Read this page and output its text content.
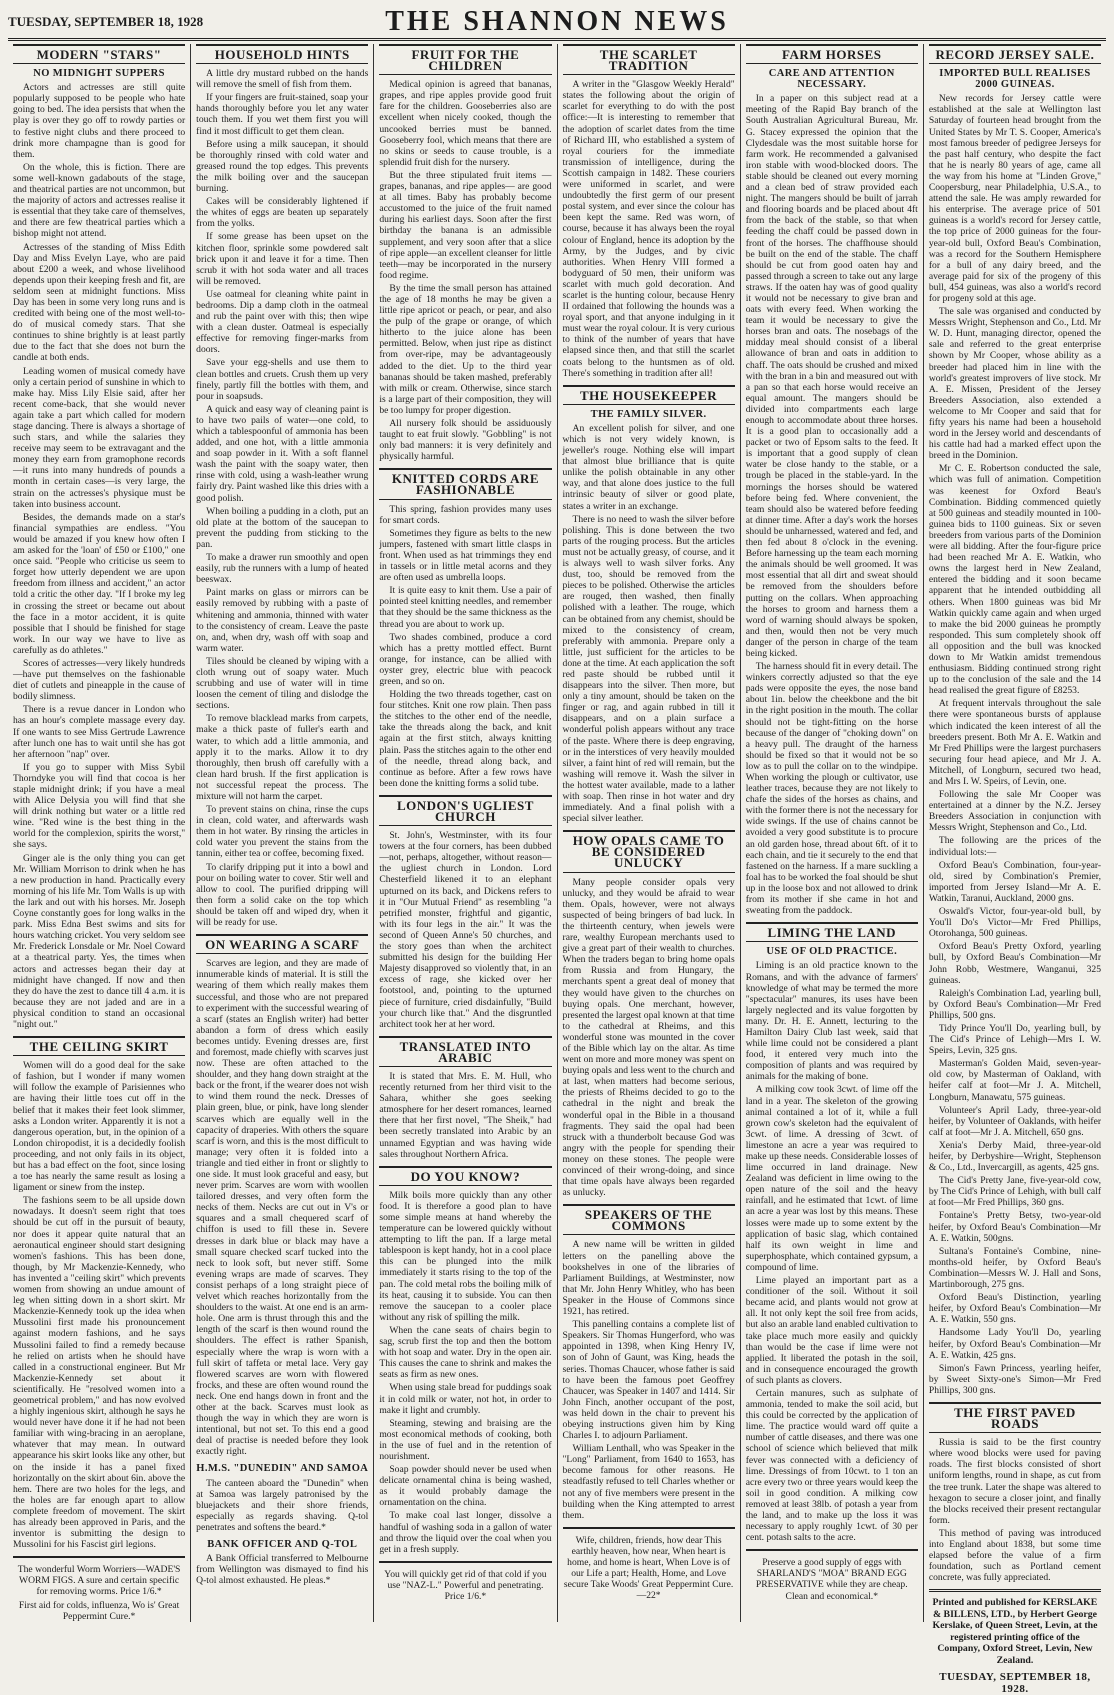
TUESDAY, SEPTEMBER 18, 1928	THE SHANNON NEWS
MODERN "STARS"
NO MIDNIGHT SUPPERS

Actors and actresses are still quite popularly supposed to be people who hate going to bed. The idea persists that when the play is over they go off to rowdy parties or to festive night clubs and there proceed to drink more champagne than is good for them.

On the whole, this is fiction. There are some well-known gadabouts of the stage, and theatrical parties are not uncommon, but the majority of actors and actresses realise it is essential that they take care of themselves, and there are few theatrical parties which a bishop might not attend.

Actresses of the standing of Miss Edith Day and Miss Evelyn Laye, who are paid about £200 a week, and whose livelihood depends upon their keeping fresh and fit, are seldom seen at midnight functions. Miss Day has been in some very long runs and is credited with being one of the most well-to-do of musical comedy stars. That she continues to shine brightly is at least partly due to the fact that she does not burn the candle at both ends.

Leading women of musical comedy have only a certain period of sunshine in which to make hay. Miss Lily Elsie said, after her recent come-back, that she would never again take a part which called for modern stage dancing. There is always a shortage of such stars, and while the salaries they receive may seem to be extravagant and the money they earn from gramophone records—it runs into many hundreds of pounds a month in certain cases—is very large, the strain on the actresses's physique must be taken into business account.

Besides, the demands made on a star's financial sympathies are endless. "You would be amazed if you knew how often I am asked for the 'loan' of £50 or £100," one once said. "People who criticise us seem to forget how utterly dependent we are upon freedom from illness and accident," an actor told a critic the other day. "If I broke my leg in crossing the street or became out about the face in a motor accident, it is quite possible that I should be finished for stage work. In our way we have to live as carefully as do athletes."

Scores of actresses—very likely hundreds—have put themselves on the fashionable diet of cutlets and pineapple in the cause of bodily slimness.

There is a revue dancer in London who has an hour's complete massage every day. If one wants to see Miss Gertrude Lawrence after lunch one has to wait until she has got her afternoon "nap" over.

If you go to supper with Miss Sybil Thorndyke you will find that cocoa is her staple midnight drink; if you have a meal with Alice Delysia you will find that she will drink nothing but water or a little red wine. "Red wine is the best thing in the world for the complexion, spirits the worst," she says.

Ginger ale is the only thing you can get Mr. William Morrison to drink when he has a new production in hand. Practically every morning of his life Mr. Tom Walls is up with the lark and out with his horses. Mr. Joseph Coyne constantly goes for long walks in the park. Miss Edna Best swims and sits for hours watching cricket. You very seldom see Mr. Frederick Lonsdale or Mr. Noel Coward at a theatrical party. Yes, the times when actors and actresses began their day at midnight have changed. If now and then they do have the zest to dance till 4 a.m. it is because they are not jaded and are in a physical condition to stand an occasional "night out."

THE CEILING SKIRT

Women will do a good deal for the sake of fashion, but I wonder if many women will follow the example of Parisiennes who are having their little toes cut off in the belief that it makes their feet look slimmer, asks a London writer. Apparently it is not a dangerous operation, but, in the opinion of a London chiropodist, it is a decidedly foolish proceeding, and not only fails in its object, but has a bad effect on the foot, since losing a toe has nearly the same result as losing a ligament or sinew from the instep.

The fashions seem to be all upside down nowadays. It doesn't seem right that toes should be cut off in the pursuit of beauty, nor does it appear quite natural that an aeronautical engineer should start designing women's fashions. This has been done, though, by Mr Mackenzie-Kennedy, who has invented a "ceiling skirt" which prevents women from showing an undue amount of leg when sitting down in a short skirt. Mr Mackenzie-Kennedy took up the idea when Mussolini first made his pronouncement against modern fashions, and he says Mussolini failed to find a remedy because he relied on artists when he should have called in a constructional engineer. But Mr Mackenzie-Kennedy set about it scientifically. He "resolved women into a geometrical problem," and has now evolved a highly ingenious skirt, although he says he would never have done it if he had not been familiar with wing-bracing in an aeroplane, whatever that may mean. In outward appearance his skirt looks like any other, but on the inside it has a panel fixed horizontally on the skirt about 6in. above the hem. There are two holes for the legs, and the holes are far enough apart to allow complete freedom of movement. The skirt has already been approved in Paris, and the inventor is submitting the design to Mussolini for his Fascist girl legions.

The wonderful Worm Worriers—WADE'S WORM FIGS. A sure and certain specific for removing worms. Price 1/6.*
First aid for colds, influenza, Wo is' Great Peppermint Cure.*
HOUSEHOLD HINTS

A little dry mustard rubbed on the hands will remove the smell of fish from them.

If your fingers are fruit-stained, soap your hands thoroughly before you let any water touch them. If you wet them first you will find it most difficult to get them clean.

Before using a milk saucepan, it should be thoroughly rinsed with cold water and greased round the top edges. This prevents the milk boiling over and the saucepan burning.

Cakes will be considerably lightened if the whites of eggs are beaten up separately from the yolks.

If some grease has been upset on the kitchen floor, sprinkle some powdered salt brick upon it and leave it for a time. Then scrub it with hot soda water and all traces will be removed.

Use oatmeal for cleaning white paint in bedrooms. Dip a damp cloth in the oatmeal and rub the paint over with this; then wipe with a clean duster. Oatmeal is especially effective for removing finger-marks from doors.

Save your egg-shells and use them to clean bottles and cruets. Crush them up very finely, partly fill the bottles with them, and pour in soapsuds.

A quick and easy way of cleaning paint is to have two pails of water—one cold, to which a tablespoonful of ammonia has been added, and one hot, with a little ammonia and soap powder in it. With a soft flannel wash the paint with the soapy water, then rinse with cold, using a wash-leather wrung fairly dry. Paint washed like this dries with a good polish.

When boiling a pudding in a cloth, put an old plate at the bottom of the saucepan to prevent the pudding from sticking to the pan.

To make a drawer run smoothly and open easily, rub the runners with a lump of heated beeswax.

Paint marks on glass or mirrors can be easily removed by rubbing with a paste of whitening and ammonia, thinned with water to the consistency of cream. Leave the paste on, and, when dry, wash off with soap and warm water.

Tiles should be cleaned by wiping with a cloth wrung out of soapy water. Much scrubbing and use of water will in time loosen the cement of tiling and dislodge the sections.

To remove blacklead marks from carpets, make a thick paste of fuller's earth and water, to which add a little ammonia, and apply it to the marks. Allow it to dry thoroughly, then brush off carefully with a clean hard brush. If the first application is not successful repeat the process. The mixture will not harm the carpet.

To prevent stains on china, rinse the cups in clean, cold water, and afterwards wash them in hot water. By rinsing the articles in cold water you prevent the stains from the tannin, either tea or coffee, becoming fixed.

To clarify dripping put it into a bowl and pour on boiling water to cover. Stir well and allow to cool. The purified dripping will then form a solid cake on the top which should be taken off and wiped dry, when it will be ready for use.

ON WEARING A SCARF

Scarves are legion, and they are made of innumerable kinds of material. It is still the wearing of them which really makes them successful, and those who are not prepared to experiment with the successful wearing of a scarf (states an English writer) had better abandon a form of dress which easily becomes untidy. Evening dresses are, first and foremost, made chiefly with scarves just now. These are often attached to the shoulder, and they hang down straight at the back or the front, if the wearer does not wish to wind them round the neck. Dresses of plain green, blue, or pink, have long slender scarves which are equally well in the capacity of draperies. With others the square scarf is worn, and this is the most difficult to manage; very often it is folded into a triangle and tied either in front or slightly to one side. It must look graceful and easy, but never prim. Scarves are worn with woollen tailored dresses, and very often form the necks of them. Necks are cut out in V's or squares and a small chequered scarf of chiffon is used to fill these in. Severe dresses in dark blue or black may have a small square checked scarf tucked into the neck to look soft, but never stiff. Some evening wraps are made of scarves. They consist perhaps of a long straight piece of velvet which reaches horizontally from the shoulders to the waist. At one end is an arm-hole. One arm is thrust through this and the length of the scarf is then wound round the shoulders. The effect is rather Spanish, especially where the wrap is worn with a full skirt of taffeta or metal lace. Very gay flowered scarves are worn with flowered frocks, and these are often wound round the neck. One end hangs down in front and the other at the back. Scarves must look as though the way in which they are worn is intentional, but not set. To this end a good deal of practise is needed before they look exactly right.

H.M.S. "DUNEDIN" AND SAMOA

The canteen aboard the "Dunedin" when at Samoa was largely patronised by the bluejackets and their shore friends, especially as regards shaving. Q-tol penetrates and softens the beard.*

BANK OFFICER AND Q-TOL

A Bank Official transferred to Melbourne from Wellington was dismayed to find his Q-tol almost exhausted. He pleas.*

FRUIT FOR THE CHILDREN

Medical opinion is agreed that bananas, grapes, and ripe apples provide good fruit fare for the children. Gooseberries also are excellent when nicely cooked, though the uncooked berries must be banned. Gooseberry fool, which means that there are no skins or seeds to cause trouble, is a splendid fruit dish for the nursery.

But the three stipulated fruit items —grapes, bananas, and ripe apples— are good at all times. Baby has probably become accustomed to the juice of the fruit named during his earliest days. Soon after the first birthday the banana is an admissible supplement, and very soon after that a slice of ripe apple—an excellent cleanser for little teeth—may be incorporated in the nursery food regime.

By the time the small person has attained the age of 18 months he may be given a little ripe apricot or peach, or pear, and also the pulp of the grape or orange, of which hitherto to the juice alone has been permitted. Below, when just ripe as distinct from over-ripe, may be advantageously added to the diet. Up to the third year bananas should be taken mashed, preferably with milk or cream. Otherwise, since starch is a large part of their composition, they will be too lumpy for proper digestion.

All nursery folk should be assiduously taught to eat fruit slowly. "Gobbling" is not only bad manners: it is very definitely and physically harmful.

KNITTED CORDS ARE FASHIONABLE

This spring, fashion provides many uses for smart cords.

Sometimes they figure as belts to the new jumpers, fastened with smart little clasps in front. When used as hat trimmings they end in tassels or in little metal acorns and they are often used as umbrella loops.

It is quite easy to knit them. Use a pair of pointed steel knitting needles, and remember that they should be the same thickness as the thread you are about to work up.

Two shades combined, produce a cord which has a pretty mottled effect. Burnt orange, for instance, can be allied with oyster grey, electric blue with peacock green, and so on.

Holding the two threads together, cast on four stitches. Knit one row plain. Then pass the stitches to the other end of the needle, take the threads along the back, and knit again at the first stitch, always knitting plain. Pass the stitches again to the other end of the needle, thread along back, and continue as before. After a few rows have been done the knitting forms a solid tube.

LONDON'S UGLIEST CHURCH

St. John's, Westminster, with its four towers at the four corners, has been dubbed—not, perhaps, altogether, without reason—the ugliest church in London. Lord Chesterfield likened it to an elephant upturned on its back, and Dickens refers to it in "Our Mutual Friend" as resembling "a petrified monster, frightful and gigantic, with its four legs in the air." It was the second of Queen Anne's 50 churches, and the story goes than when the architect submitted his design for the building Her Majesty disapproved so violently that, in an excess of rage, she kicked over her footstool, and, pointing to the upturned piece of furniture, cried disdainfully, "Build your church like that." And the disgruntled architect took her at her word.

TRANSLATED INTO ARABIC

It is stated that Mrs. E. M. Hull, who recently returned from her third visit to the Sahara, whither she goes seeking atmosphere for her desert romances, learned there that her first novel, "The Sheik," had been secretly translated into Arabic by an unnamed Egyptian and was having wide sales throughout Northern Africa.

DO YOU KNOW?

Milk boils more quickly than any other food. It is therefore a good plan to have some simple means at hand whereby the temperature can be lowered quickly without attempting to lift the pan. If a large metal tablespoon is kept handy, hot in a cool place this can be plunged into the milk immediately it starts rising to the top of the pan. The cold metal robs the boiling milk of its heat, causing it to subside. You can then remove the saucepan to a cooler place without any risk of spilling the milk.

When the cane seats of chairs begin to sag, scrub first the top and then the bottom with hot soap and water. Dry in the open air. This causes the cane to shrink and makes the seats as firm as new ones.

When using stale bread for puddings soak it in cold milk or water, not hot, in order to make it light and crumbly.

Steaming, stewing and braising are the most economical methods of cooking, both in the use of fuel and in the retention of nourishment.

Soap powder should never be used when delicate ornamental china is being washed, as it would probably damage the ornamentation on the china.

To make coal last longer, dissolve a handful of washing soda in a gallon of water and throw the liquid over the coal when you get in a fresh supply.

You will quickly get rid of that cold if you use "NAZ-L." Powerful and penetrating. Price 1/6.*
THE SCARLET TRADITION

A writer in the "Glasgow Weekly Herald" states the following about the origin of scarlet for everything to do with the post office:—It is interesting to remember that the adoption of scarlet dates from the time of Richard III, who established a system of royal couriers for the immediate transmission of intelligence, during the Scottish campaign in 1482. These couriers were uniformed in scarlet, and were undoubtedly the first germ of our present postal system, and ever since the colour has been kept the same. Red was worn, of course, because it has always been the royal colour of England, hence its adoption by the Army, by the Judges, and by civic authorities. When Henry VIII formed a bodyguard of 50 men, their uniform was scarlet with much gold decoration. And scarlet is the hunting colour, because Henry II ordained that following the hounds was a royal sport, and that anyone indulging in it must wear the royal colour. It is very curious to think of the number of years that have elapsed since then, and that still the scarlet coats belong to the huntsmen as of old. There's something in tradition after all!

THE HOUSEKEEPER
THE FAMILY SILVER.

An excellent polish for silver, and one which is not very widely known, is jeweller's rouge. Nothing else will impart that almost blue brilliance that is quite unlike the polish obtainable in any other way, and that alone does justice to the full intrinsic beauty of silver or good plate, states a writer in an exchange.

There is no need to wash the silver before polishing. This is done between the two parts of the rouging process. But the articles must not be actually greasy, of course, and it is always well to wash silver forks. Any dust, too, should be removed from the pieces to be polished. Otherwise the articles are rouged, then washed, then finally polished with a leather. The rouge, which can be obtained from any chemist, should be mixed to the consistency of cream, preferably with ammonia. Prepare only a little, just sufficient for the articles to be done at the time. At each application the soft red paste should be rubbed until it disappears into the silver. Then more, but only a tiny amount, should be taken on the finger or rag, and again rubbed in till it disappears, and on a plain surface a wonderful polish appears without any trace of the paste. Where there is deep engraving, or in the interstices of very heavily moulded silver, a faint hint of red will remain, but the washing will remove it. Wash the silver in the hottest water available, made to a lather with soap. Then rinse in hot water and dry immediately. And a final polish with a special silver leather.

HOW OPALS CAME TO BE CONSIDERED UNLUCKY

Many people consider opals very unlucky, and they would be afraid to wear them. Opals, however, were not always suspected of being bringers of bad luck. In the thirteenth century, when jewels were rare, wealthy European merchants used to give a great part of their wealth to churches. When the traders began to bring home opals from Russia and from Hungary, the merchants spent a great deal of money that they would have given to the churches on buying opals. One merchant, however, presented the largest opal known at that time to the cathedral at Rheims, and this wonderful stone was mounted in the cover of the Bible which lay on the altar. As time went on more and more money was spent on buying opals and less went to the church and at last, when matters had become serious, the priests of Rheims decided to go to the cathedral in the night and break the wonderful opal in the Bible in a thousand fragments. They said the opal had been struck with a thunderbolt because God was angry with the people for spending their money on these stones. The people were convinced of their wrong-doing, and since that time opals have always been regarded as unlucky.

SPEAKERS OF THE COMMONS

A new name will be written in gilded letters on the panelling above the bookshelves in one of the libraries of Parliament Buildings, at Westminster, now that Mr. John Henry Whitley, who has been Speaker in the House of Commons since 1921, has retired.

This panelling contains a complete list of Speakers. Sir Thomas Hungerford, who was appointed in 1398, when King Henry IV, son of John of Gaunt, was King, heads the series. Thomas Chaucer, whose father is said to have been the famous poet Geoffrey Chaucer, was Speaker in 1407 and 1414. Sir John Finch, another occupant of the post, was held down in the chair to prevent his obeying instructions given him by King Charles I. to adjourn Parliament.

William Lenthall, who was Speaker in the "Long" Parliament, from 1640 to 1653, has become famous for other reasons. He steadfastly refused to tell Charles whether or not any of five members were present in the building when the King attempted to arrest them.

Wife, children, friends, how dear This earthly heaven, how near, When heart is home, and home is heart, When Love is of our Life a part; Health, Home, and Love secure Take Woods' Great Peppermint Cure.—22*
FARM HORSES
CARE AND ATTENTION NECESSARY.

In a paper on this subject read at a meeting of the Rapid Bay branch of the South Australian Agricultural Bureau, Mr. G. Stacey expressed the opinion that the Clydesdale was the most suitable horse for farm work. He recommended a galvanised iron stable with wood-blocked doors. The stable should be cleaned out every morning and a clean bed of straw provided each night. The mangers should be built of jarrah and flooring boards and be placed about 4ft from the back of the stable, so that when feeding the chaff could be passed down in front of the horses. The chaffhouse should be built on the end of the stable. The chaff should be cut from good oaten hay and passed through a screen to take out any large straws. If the oaten hay was of good quality it would not be necessary to give bran and oats with every feed. When working the team it would be necessary to give the horses bran and oats. The nosebags of the midday meal should consist of a liberal allowance of bran and oats in addition to chaff. The oats should be crushed and mixed with the bran in a bin and measured out with a pan so that each horse would receive an equal amount. The mangers should be divided into compartments each large enough to accommodate about three horses. It is a good plan to occasionally add a packet or two of Epsom salts to the feed. It is important that a good supply of clean water be close handy to the stable, or a trough be placed in the stable-yard. In the mornings the horses should be watered before being fed. Where convenient, the team should also be watered before feeding at dinner time. After a day's work the horses should be unharnessed, watered and fed, and then fed about 8 o'clock in the evening. Before harnessing up the team each morning the animals should be well groomed. It was most essential that all dirt and sweat should be removed from the shoulders before putting on the collars. When approaching the horses to groom and harness them a word of warning should always be spoken, and then, would then not be very much danger of the person in charge of the team being kicked.

The harness should fit in every detail. The winkers correctly adjusted so that the eye pads were opposite the eyes, the nose band about 1in. below the cheekbone and the bit in the right position in the mouth. The collar should not be tight-fitting on the horse because of the danger of "choking down" on a heavy pull. The draught of the harness should be fixed so that it would not be so low as to pull the collar on to the windpipe. When working the plough or cultivator, use leather traces, because they are not likely to chafe the sides of the horses as chains, and with the former there is not the necessary for wide swings. If the use of chains cannot be avoided a very good substitute is to procure an old garden hose, thread about 6ft. of it to each chain, and tie it securely to the end that fastened on the harness. If a mare suckling a foal has to be worked the foal should be shut up in the loose box and not allowed to drink from its mother if she came in hot and sweating from the paddock.

LIMING THE LAND
USE OF OLD PRACTICE.

Liming is an old practice known to the Romans, and with the advance of farmers' knowledge of what may be termed the more "spectacular" manures, its uses have been largely neglected and its value forgotten by many. Dr. H. E. Annett, lecturing to the Hamilton Dairy Club last week, said that while lime could not be considered a plant food, it entered very much into the composition of plants and was required by animals for the making of bone.

A milking cow took 3cwt. of lime off the land in a year. The skeleton of the growing animal contained a lot of it, while a full grown cow's skeleton had the equivalent of 3cwt. of lime. A dressing of 3cwt. of limestone an acre a year was required to make up these needs. Considerable losses of lime occurred in land drainage. New Zealand was deficient in lime owing to the open nature of the soil and the heavy rainfall, and he estimated that 1cwt. of lime an acre a year was lost by this means. These losses were made up to some extent by the application of basic slag, which contained half its own weight in lime and superphosphate, which contained gypsum, a compound of lime.

Lime played an important part as a conditioner of the soil. Without it soil became acid, and plants would not grow at all. It not only kept the soil free from acids, but also an arable land enabled cultivation to take place much more easily and quickly than would be the case if lime were not applied. It liberated the potash in the soil, and in consequence encouraged the growth of such plants as clovers.

Certain manures, such as sulphate of ammonia, tended to make the soil acid, but this could be corrected by the application of lime. The practice would ward off quite a number of cattle diseases, and there was one school of science which believed that milk fever was connected with a deficiency of lime. Dressings of from 10cwt. to 1 ton an acre every two or three years would keep the soil in good condition. A milking cow removed at least 38lb. of potash a year from the land, and to make up the loss it was necessary to apply roughly 1cwt. of 30 per cent. potash salts to the acre.

Preserve a good supply of eggs with SHARLAND'S "MOA" BRAND EGG PRESERVATIVE while they are cheap. Clean and economical.*
RECORD JERSEY SALE.
IMPORTED BULL REALISES 2000 GUINEAS.

New records for Jersey cattle were established at the sale at Wellington last Saturday of fourteen head brought from the United States by Mr T. S. Cooper, America's most famous breeder of pedigree Jerseys for the past half century, who despite the fact that he is nearly 80 years of age, came all the way from his home at "Linden Grove," Coopersburg, near Philadelphia, U.S.A., to attend the sale. He was amply rewarded for his enterprise. The average price of 501 guineas is a world's record for Jersey cattle, the top price of 2000 guineas for the four-year-old bull, Oxford Beau's Combination, was a record for the Southern Hemisphere for a bull of any dairy breed, and the average paid for six of the progeny of this bull, 454 guineas, was also a world's record for progeny sold at this age.

The sale was organised and conducted by Messrs Wright, Stephenson and Co., Ltd. Mr W. D. Hunt, managing director, opened the sale and referred to the great enterprise shown by Mr Cooper, whose ability as a breeder had placed him in line with the world's greatest improvers of live stock. Mr A. E. Missen, President of the Jersey Breeders Association, also extended a welcome to Mr Cooper and said that for fifty years his name had been a household word in the Jersey world and descendants of his cattle had had a marked effect upon the breed in the Dominion.

Mr C. E. Robertson conducted the sale, which was full of animation. Competition was keenest for Oxford Beau's Combination. Bidding commenced quietly at 500 guineas and steadily mounted in 100-guinea bids to 1100 guineas. Six or seven breeders from various parts of the Dominion were all bidding. After the four-figure price had been reached Mr A. E. Watkin, who owns the largest herd in New Zealand, entered the bidding and it soon became apparent that he intended outbidding all others. When 1800 guineas was bid Mr Watkin quickly came again and when urged to make the bid 2000 guineas he promptly responded. This sum completely shook off all opposition and the bull was knocked down to Mr Watkin amidst tremendous enthusiasm. Bidding continued strong right up to the conclusion of the sale and the 14 head realised the great figure of £8253.

At frequent intervals throughout the sale there were spontaneous bursts of applause which indicated the keen interest of all the breeders present. Both Mr A. E. Watkin and Mr Fred Phillips were the largest purchasers securing four head apiece, and Mr J. A. Mitchell, of Longburn, secured two head, and Mrs I. W. Speirs, of Levin, one.

Following the sale Mr Cooper was entertained at a dinner by the N.Z. Jersey Breeders Association in conjunction with Messrs Wright, Stephenson and Co., Ltd.

The following are the prices of the individual lots:—

Oxford Beau's Combination, four-year-old, sired by Combination's Premier, imported from Jersey Island—Mr A. E. Watkin, Taranui, Auckland, 2000 gns.

Oswald's Victor, four-year-old bull, by You'll Do's Victor—Mr Fred Phillips, Otorohanga, 500 guineas.

Oxford Beau's Pretty Oxford, yearling bull, by Oxford Beau's Combination—Mr John Robb, Westmere, Wanganui, 325 guineas.

Raleigh's Combination Lad, yearling bull, by Oxford Beau's Combination—Mr Fred Phillips, 500 gns.

Tidy Prince You'll Do, yearling bull, by The Cid's Prince of Lehigh—Mrs I. W. Speirs, Levin, 325 gns.

Masterman's Golden Maid, seven-year-old cow, by Masterman of Oakland, with heifer calf at foot—Mr J. A. Mitchell, Longburn, Manawatu, 575 guineas.

Volunteer's April Lady, three-year-old heifer, by Volunteer of Oaklands, with heifer calf at foot—Mr J. A. Mitchell, 650 gns.

Xenia's Derby Maid, three-year-old heifer, by Derbyshire—Wright, Stephenson & Co., Ltd., Invercargill, as agents, 425 gns.

The Cid's Pretty Jane, five-year-old cow, by The Cid's Prince of Lehigh, with bull calf at foot—Mr Fred Phillips, 360 gns.

Fontaine's Pretty Betsy, two-year-old heifer, by Oxford Beau's Combination—Mr A. E. Watkin, 500gns.

Sultana's Fontaine's Combine, nine-months-old heifer, by Oxford Beau's Combination—Messrs W. J. Hall and Sons, Martinborough, 275 gns.

Oxford Beau's Distinction, yearling heifer, by Oxford Beau's Combination—Mr A. E. Watkin, 550 gns.

Handsome Lady You'll Do, yearling heifer, by Oxford Beau's Combination—Mr A. E. Watkin, 425 gns.

Simon's Fawn Princess, yearling heifer, by Sweet Sixty-one's Simon—Mr Fred Phillips, 300 gns.

THE FIRST PAVED ROADS

Russia is said to be the first country where wood blocks were used for paving roads. The first blocks consisted of short uniform lengths, round in shape, as cut from the tree trunk. Later the shape was altered to hexagon to secure a closer joint, and finally the blocks received their present rectangular form.

This method of paving was introduced into England about 1838, but some time elapsed before the value of a firm foundation, such as Portland cement concrete, was fully appreciated.

Printed and published for KERSLAKE & BILLENS, LTD., by Herbert George Kerslake, of Queen Street, Levin, at the registered printing office of the Company, Oxford Street, Levin, New Zealand.
TUESDAY, SEPTEMBER 18, 1928.
